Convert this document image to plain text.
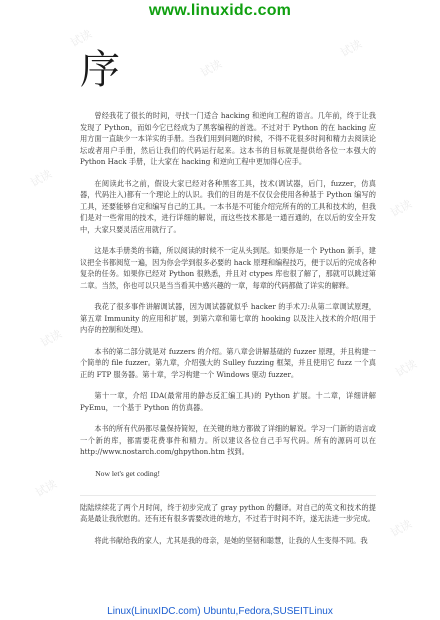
试读
试读
试读
试读
试读
试读
试读
试读
试读
www.linuxidc.com
序

曾经我花了很长的时间，寻找一门适合 hacking 和逆向工程的语言。几年前，终于让我发现了 Python，而如今它已经成为了黑客编程的首选。不过对于 Python 的在 hacking 应用方面一直缺少一本详实的手册。当我们用到问题的时候，不得不花很多时间和精力去阅读论坛或者用户手册，然后让我们的代码运行起来。这本书的目标就是提供给各位一本强大的 Python Hack 手册，让大家在 hacking 和逆向工程中更加得心应手。

在阅读此书之前，假设大家已经对各种黑客工具，技术(调试器，后门，fuzzer，仿真器，代码注入)都有一个理论上的认识。我们的目的是不仅仅会使用各种基于 Python 编写的工具，还要能够自定和编写自己的工具。一本书是不可能介绍完所有的的工具和技术的，但我们是对一些常用的技术，进行详细的解说，而这些技术都是一通百通的，在以后的安全开发中，大家只要灵活应用就行了。

这是本手册类的书籍，所以阅读的时候不一定从头到尾。如果你是一个 Python 新手，建议把全书都阅览一遍，因为你会学到很多必要的 hack 原理和编程技巧，便于以后的完成各种复杂的任务。如果你已经对 Python 很熟悉，并且对 ctypes 库也很了解了，那就可以跳过第二章。当然，你也可以只是当当看其中感兴趣的一章，每章的代码都做了详实的解释。

我花了很多事件讲解调试器，因为调试器就似乎 hacker 的手术刀:从第二章调试原理，第五章 Immunity 的应用和扩展，到第六章和第七章的 hooking 以及注入技术的介绍(用于内存的控制和处理)。

本书的第二部分就是对 fuzzers 的介绍。第八章会讲解基础的 fuzzer 原理，并且构建一个简单的 file fuzzer。第九章，介绍强大的 Sulley fuzzing 框架，并且使用它 fuzz 一个真正的 FTP 服务器。第十章，学习构建一个 Windows 驱动 fuzzer。

第十一章，介绍 IDA(最常用的静态反汇编工具)的 Python 扩展。十二章，详细讲解 PyEmu，一个基于 Python 的仿真器。

本书的所有代码都尽量保持简短，在关键的地方都做了详细的解说。学习一门新的语言或一个新的库，都需要花费事件和精力。所以建议各位自己手写代码。所有的源码可以在 http://www.nostarch.com/ghpython.htm 找到。

Now let's get coding!

陆陆续续花了两个月时间，终于初步完成了 gray python 的翻译。对自己的英文和技术的提高是最让我欣慰的。还有还有很多需要改进的地方，不过若于时间不许，遂无法进一步完成。

将此书献给我的家人，尤其是我的母亲，是她的坚韧和聪慧，让我的人生变得不同。我

Linux(LinuxIDC.com) Ubuntu,Fedora,SUSEITLinux
